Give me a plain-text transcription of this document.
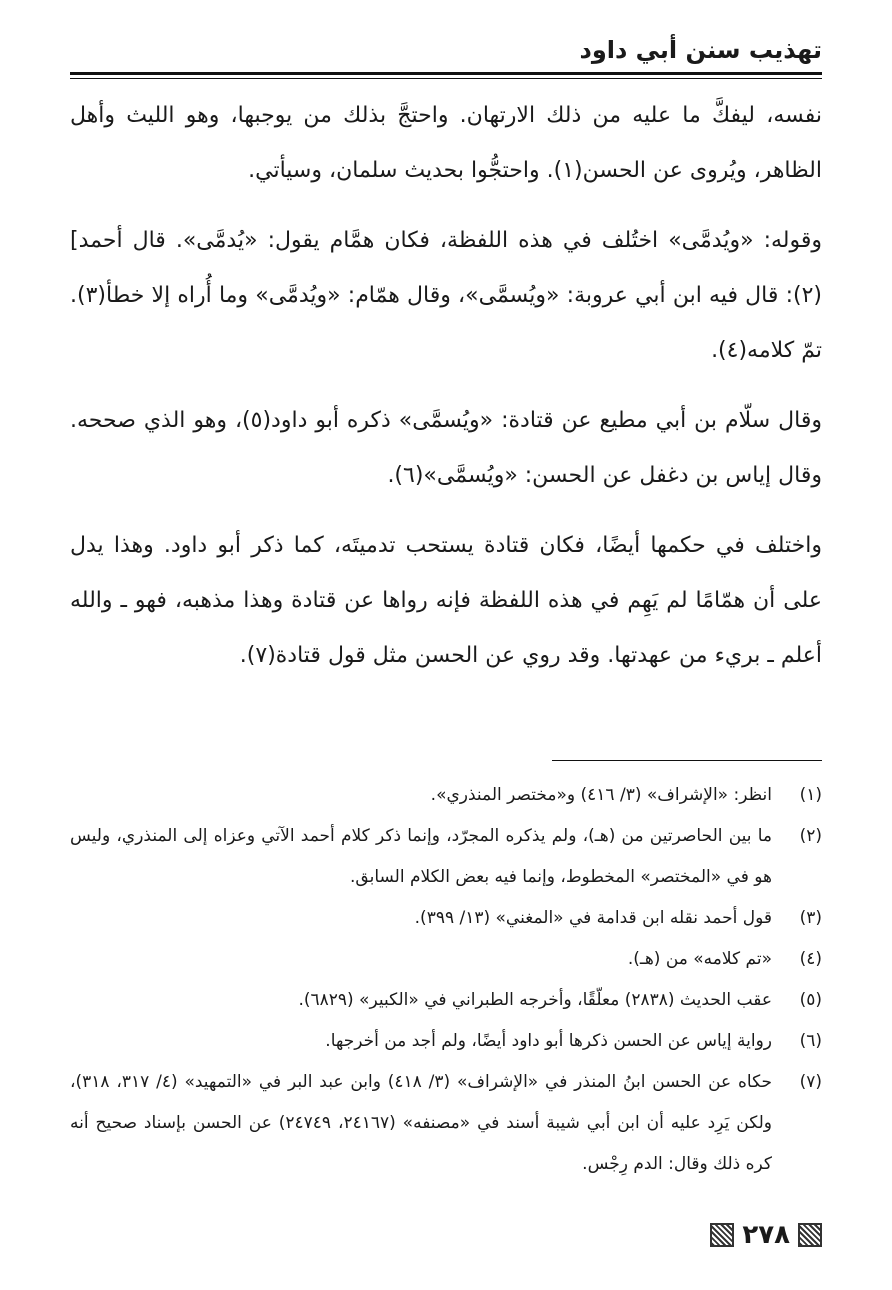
تهذيب سنن أبي داود

نفسه، ليفكَّ ما عليه من ذلك الارتهان. واحتجَّ بذلك من يوجبها، وهو الليث وأهل الظاهر، ويُروى عن الحسن(١). واحتجُّوا بحديث سلمان، وسيأتي.

وقوله: «ويُدمَّى» اختُلف في هذه اللفظة، فكان همَّام يقول: «يُدمَّى». قال أحمد](٢): قال فيه ابن أبي عروبة: «ويُسمَّى»، وقال همّام: «ويُدمَّى» وما أُراه إلا خطأ(٣). تمّ كلامه(٤).

وقال سلّام بن أبي مطيع عن قتادة: «ويُسمَّى» ذكره أبو داود(٥)، وهو الذي صححه. وقال إياس بن دغفل عن الحسن: «ويُسمَّى»(٦).

واختلف في حكمها أيضًا، فكان قتادة يستحب تدميتَه، كما ذكر أبو داود. وهذا يدل على أن همّامًا لم يَهِم في هذه اللفظة فإنه رواها عن قتادة وهذا مذهبه، فهو ـ والله أعلم ـ بريء من عهدتها. وقد روي عن الحسن مثل قول قتادة(٧).

(١)
انظر: «الإشراف» (٣/ ٤١٦) و«مختصر المنذري».
(٢)
ما بين الحاصرتين من (هـ)، ولم يذكره المجرّد، وإنما ذكر كلام أحمد الآتي وعزاه إلى المنذري، وليس هو في «المختصر» المخطوط، وإنما فيه بعض الكلام السابق.
(٣)
قول أحمد نقله ابن قدامة في «المغني» (١٣/ ٣٩٩).
(٤)
«تم كلامه» من (هـ).
(٥)
عقب الحديث (٢٨٣٨) معلّقًا، وأخرجه الطبراني في «الكبير» (٦٨٢٩).
(٦)
رواية إياس عن الحسن ذكرها أبو داود أيضًا، ولم أجد من أخرجها.
(٧)
حكاه عن الحسن ابنُ المنذر في «الإشراف» (٣/ ٤١٨) وابن عبد البر في «التمهيد» (٤/ ٣١٧، ٣١٨)، ولكن يَرِد عليه أن ابن أبي شيبة أسند في «مصنفه» (٢٤١٦٧، ٢٤٧٤٩) عن الحسن بإسناد صحيح أنه كره ذلك وقال: الدم رِجْس.
٢٧٨
